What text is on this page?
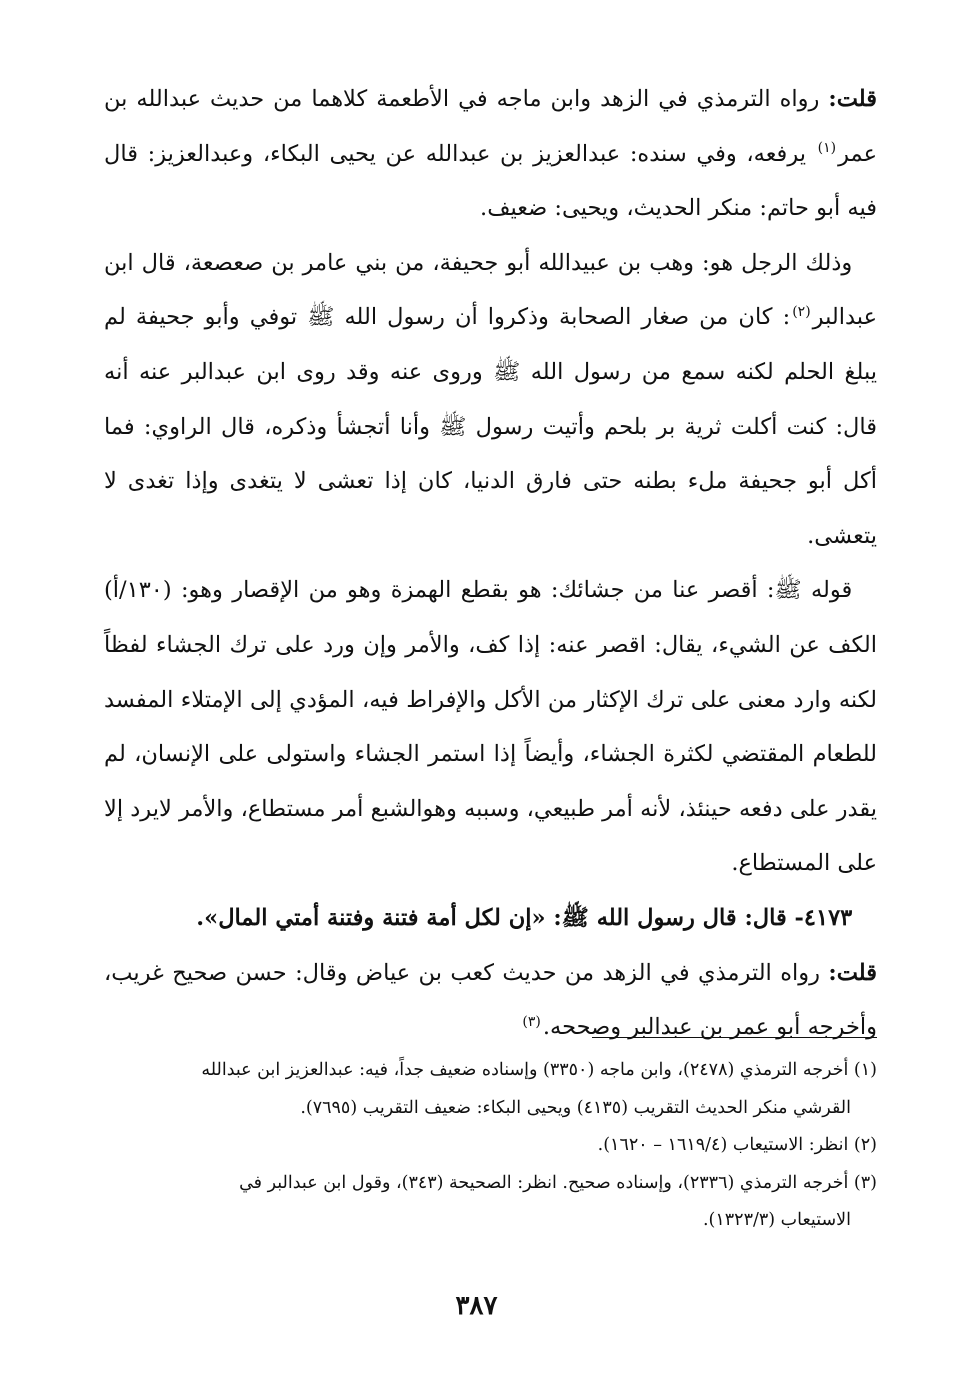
قلت: رواه الترمذي في الزهد وابن ماجه في الأطعمة كلاهما من حديث عبدالله بن عمر$^{(١)}$ يرفعه، وفي سنده: عبدالعزيز بن عبدالله عن يحيى البكاء، وعبدالعزيز: قال فيه أبو حاتم: منكر الحديث، ويحيى: ضعيف.

وذلك الرجل هو: وهب بن عبيدالله أبو جحيفة، من بني عامر بن صعصعة، قال ابن عبدالبر$^{(٢)}$: كان من صغار الصحابة وذكروا أن رسول الله ﷺ توفي وأبو جحيفة لم يبلغ الحلم لكنه سمع من رسول الله ﷺ وروى عنه وقد روى ابن عبدالبر عنه أنه قال: كنت أكلت ثرية بر بلحم وأتيت رسول ﷺ وأنا أتجشأ وذكره، قال الراوي: فما أكل أبو جحيفة ملء بطنه حتى فارق الدنيا، كان إذا تعشى لا يتغدى وإذا تغدى لا يتعشى.

قوله ﷺ: أقصر عنا من جشائك: هو بقطع الهمزة وهو من الإقصار وهو: (١٣٠/أ) الكف عن الشيء، يقال: اقصر عنه: إذا كف، والأمر وإن ورد على ترك الجشاء لفظاً لكنه وارد معنى على ترك الإكثار من الأكل والإفراط فيه، المؤدي إلى الإمتلاء المفسد للطعام المقتضي لكثرة الجشاء، وأيضاً إذا استمر الجشاء واستولى على الإنسان، لم يقدر على دفعه حينئذ، لأنه أمر طبيعي، وسببه وهوالشبع أمر مستطاع، والأمر لايرد إلا على المستطاع.

٤١٧٣- قال: قال رسول الله ﷺ: «إن لكل أمة فتنة وفتنة أمتي المال».

قلت: رواه الترمذي في الزهد من حديث كعب بن عياض وقال: حسن صحيح غريب، وأخرجه أبو عمر بن عبدالبر وصححه.$^{(٣)}$

(١) أخرجه الترمذي (٢٤٧٨)، وابن ماجه (٣٣٥٠) وإسناده ضعيف جداً، فيه: عبدالعزيز ابن عبدالله

القرشي منكر الحديث التقريب (٤١٣٥) ويحيى البكاء: ضعيف التقريب (٧٦٩٥).

(٢) انظر: الاستيعاب (١٦١٩/٤ – ١٦٢٠).

(٣) أخرجه الترمذي (٢٣٣٦)، وإسناده صحيح. انظر: الصحيحة (٣٤٣)، وقول ابن عبدالبر في

الاستيعاب (١٣٢٣/٣).

٣٨٧
